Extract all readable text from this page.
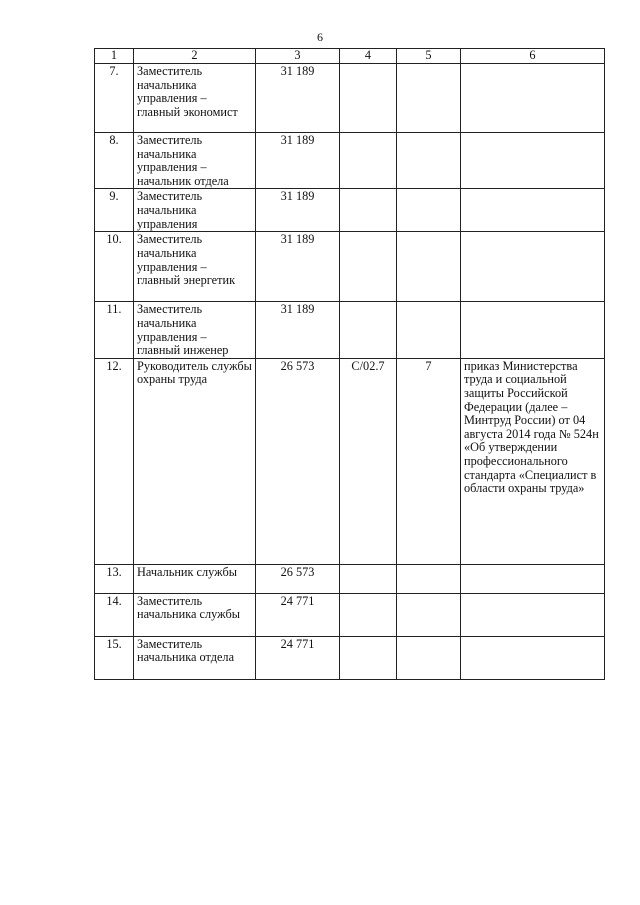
6
1	2	3	4	5	6
7.	Заместитель начальника управления – главный экономист	31 189			
8.	Заместитель начальника управления – начальник отдела	31 189			
9.	Заместитель начальника управления	31 189			
10.	Заместитель начальника управления – главный энергетик	31 189			
11.	Заместитель начальника управления – главный инженер	31 189			
12.	Руководитель службы охраны труда	26 573	С/02.7	7	приказ Министерства труда и социальной защиты Российской Федерации (далее – Минтруд России) от 04 августа 2014 года № 524н «Об утверждении профессионального стандарта «Специалист в области охраны труда»
13.	Начальник службы	26 573			
14.	Заместитель начальника службы	24 771			
15.	Заместитель начальника отдела	24 771			
